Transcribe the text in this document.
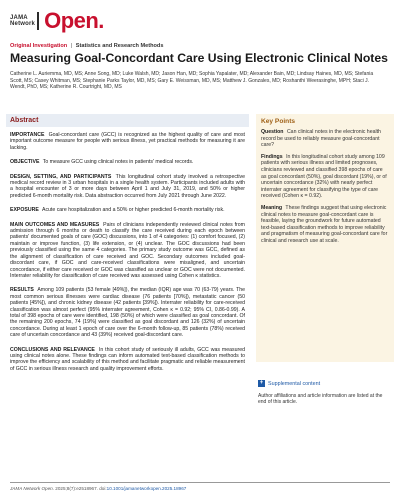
JAMA
Network Open.
Original Investigation | Statistics and Research Methods
Measuring Goal-Concordant Care Using Electronic Clinical Notes
Catherine L. Auriemma, MD, MS; Anne Song, MD; Luke Walsh, MD; Jason Han, MD; Sophia Yapalater, MD; Alexander Bain, MD; Lindsay Haines, MD, MS; Stefania Scott, MS; Casey Whitman, MS; Stephanie Parks Taylor, MD, MS; Gary E. Weissman, MD, MS; Matthew J. Gonzales, MD; Roshanthi Weerasinghe, MPH; Staci J. Wendt, PhD, MS; Katherine R. Courtright, MD, MS
Abstract
IMPORTANCE Goal-concordant care (GCC) is recognized as the highest quality of care and most important outcome measure for people with serious illness, yet practical methods for measuring it are lacking.
OBJECTIVE To measure GCC using clinical notes in patients' medical records.
DESIGN, SETTING, AND PARTICIPANTS This longitudinal cohort study involved a retrospective medical record review in 3 urban hospitals in a single health system. Participants included adults with a hospital encounter of 3 or more days between April 1 and July 31, 2019, and 50% or higher predicted 6-month mortality risk. Data abstraction occurred from July 2021 through June 2022.
EXPOSURE Acute care hospitalization and a 50% or higher predicted 6-month mortality risk.
MAIN OUTCOMES AND MEASURES Pairs of clinicians independently reviewed clinical notes from admission through 6 months or death to classify the care received during each epoch between patients' documented goals of care (GOC) discussions, into 1 of 4 categories: (1) comfort focused, (2) maintain or improve function, (3) life extension, or (4) unclear. The GOC discussions had been previously classified using the same 4 categories. The primary study outcome was GCC, defined as the alignment of classification of care received and GOC. Secondary outcomes included goal-discordant care, if GOC and care-received classifications were misaligned, and uncertain concordance, if either care received or GOC was classified as unclear or GOC were not documented. Interrater reliability for classification of care received was assessed using Cohen κ statistics.
RESULTS Among 109 patients (53 female [49%]), the median (IQR) age was 70 (63-79) years. The most common serious illnesses were cardiac disease (76 patients [70%]), metastatic cancer (50 patients [45%]), and chronic kidney disease (42 patients [39%]). Interrater reliability for care-received classification was almost perfect (95% interrater agreement, Cohen κ = 0.92; 95% CI, 0.86-0.99). A total of 398 epochs of care were identified, 198 (50%) of which were classified as goal concordant. Of the remaining 200 epochs, 74 (19%) were classified as goal discordant and 126 (32%) of uncertain concordance. During at least 1 epoch of care over the 6-month follow-up, 85 patients (78%) received care of uncertain concordance and 43 (39%) received goal-discordant care.
CONCLUSIONS AND RELEVANCE In this cohort study of seriously ill adults, GCC was measured using clinical notes alone. These findings can inform automated text-based classification methods to improve the efficiency and scalability of this method and facilitate pragmatic and reliable measurement of GCC in serious illness research and quality improvement efforts.
Key Points
Question Can clinical notes in the electronic health record be used to reliably measure goal-concordant care?
Findings In this longitudinal cohort study among 109 patients with serious illness and limited prognoses, clinicians reviewed and classified 398 epochs of care as goal concordant (50%), goal discordant (19%), or of uncertain concordance (32%) with nearly perfect interrater agreement for classifying the type of care received (Cohen κ = 0.92).
Meaning These findings suggest that using electronic clinical notes to measure goal-concordant care is feasible, laying the groundwork for future automated text-based classification methods to improve reliability and pragmatism of measuring goal-concordant care for clinical and research use at scale.
+ Supplemental content
Author affiliations and article information are listed at the end of this article.
JAMA Network Open. 2025;8(7):e2518967. doi:10.1001/jamanetworkopen.2025.18967
